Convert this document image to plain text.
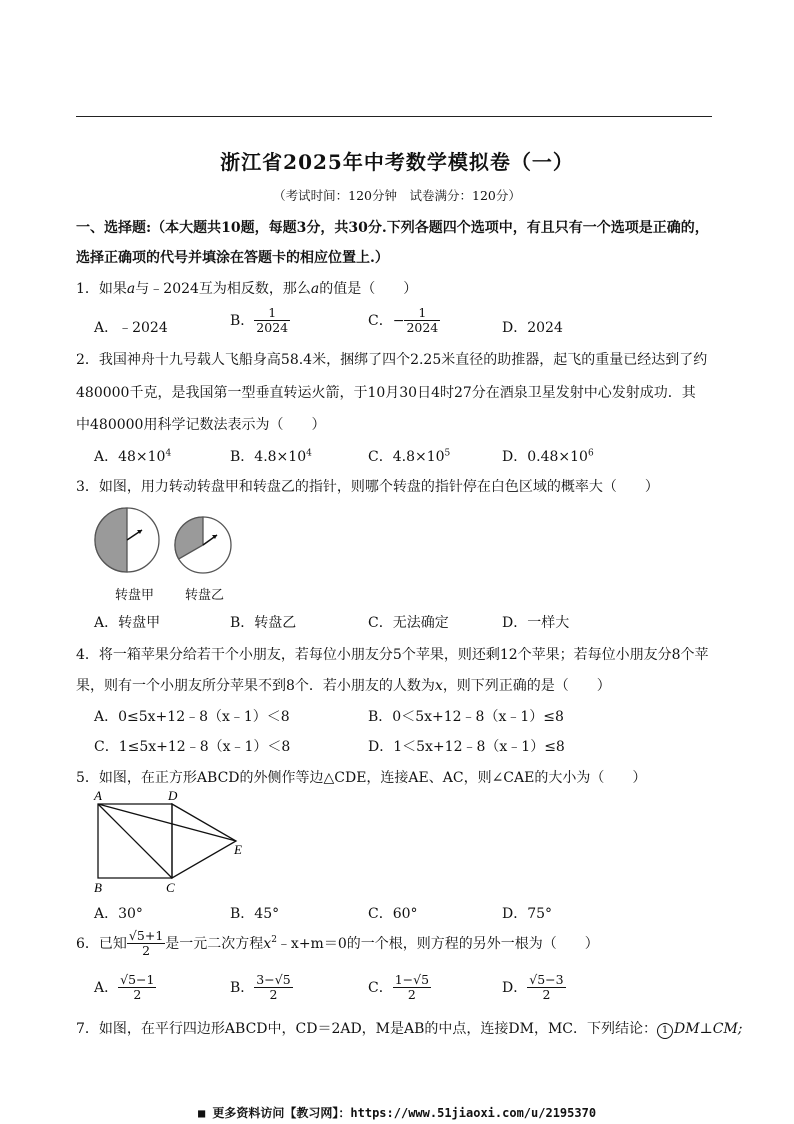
浙江省2025年中考数学模拟卷（一）
（考试时间：120分钟　试卷满分：120分）
一、选择题:（本大题共10题，每题3分，共30分.下列各题四个选项中，有且只有一个选项是正确的，
选择正确项的代号并填涂在答题卡的相应位置上.）
1．如果a与﹣2024互为相反数，那么a的值是（　　）
A．﹣2024	B． $\frac{1}{2024}$	C．− $\frac{1}{2024}$	D．2024
2．我国神舟十九号载人飞船身高58.4米，捆绑了四个2.25米直径的助推器，起飞的重量已经达到了约
480000千克，是我国第一型垂直转运火箭，于10月30日4时27分在酒泉卫星发射中心发射成功．其
中480000用科学记数法表示为（　　）
A．$48\times 10^4$	B．$4.8\times 10^4$	C．$4.8\times 10^5$	D．$0.48\times 10^6$
3．如图，用力转动转盘甲和转盘乙的指针，则哪个转盘的指针停在白色区域的概率大（　　）
转盘甲 转盘乙
A．转盘甲	B．转盘乙	C．无法确定	D．一样大
4．将一箱苹果分给若干个小朋友，若每位小朋友分5个苹果，则还剩12个苹果；若每位小朋友分8个苹
果，则有一个小朋友所分苹果不到8个．若小朋友的人数为x，则下列正确的是（　　）
A．0≤5x+12﹣8（x﹣1）＜8	B．0＜5x+12﹣8（x﹣1）≤8
C．1≤5x+12﹣8（x﹣1）＜8	D．1＜5x+12﹣8（x﹣1）≤8
5．如图，在正方形ABCD的外侧作等边△CDE，连接AE、AC，则∠CAE的大小为（　　）
A	D
E
B	C
A．30°	B．45°	C．60°	D．75°
6．已知 $\frac{√5+1}{2}$ 是一元二次方程$x^2﹣x+m=0$的一个根，则方程的另外一根为（　　）
A． $\frac{√5-1}{2}$	B． $\frac{3-√5}{2}$	C． $\frac{1-√5}{2}$	D． $\frac{√5-3}{2}$
7．如图，在平行四边形ABCD中，CD＝2AD，M是AB的中点，连接DM，MC．下列结论： 1 DM⊥CM;
■ 更多资料访问【教习网】：https://www.51jiaoxi.com/u/2195370
